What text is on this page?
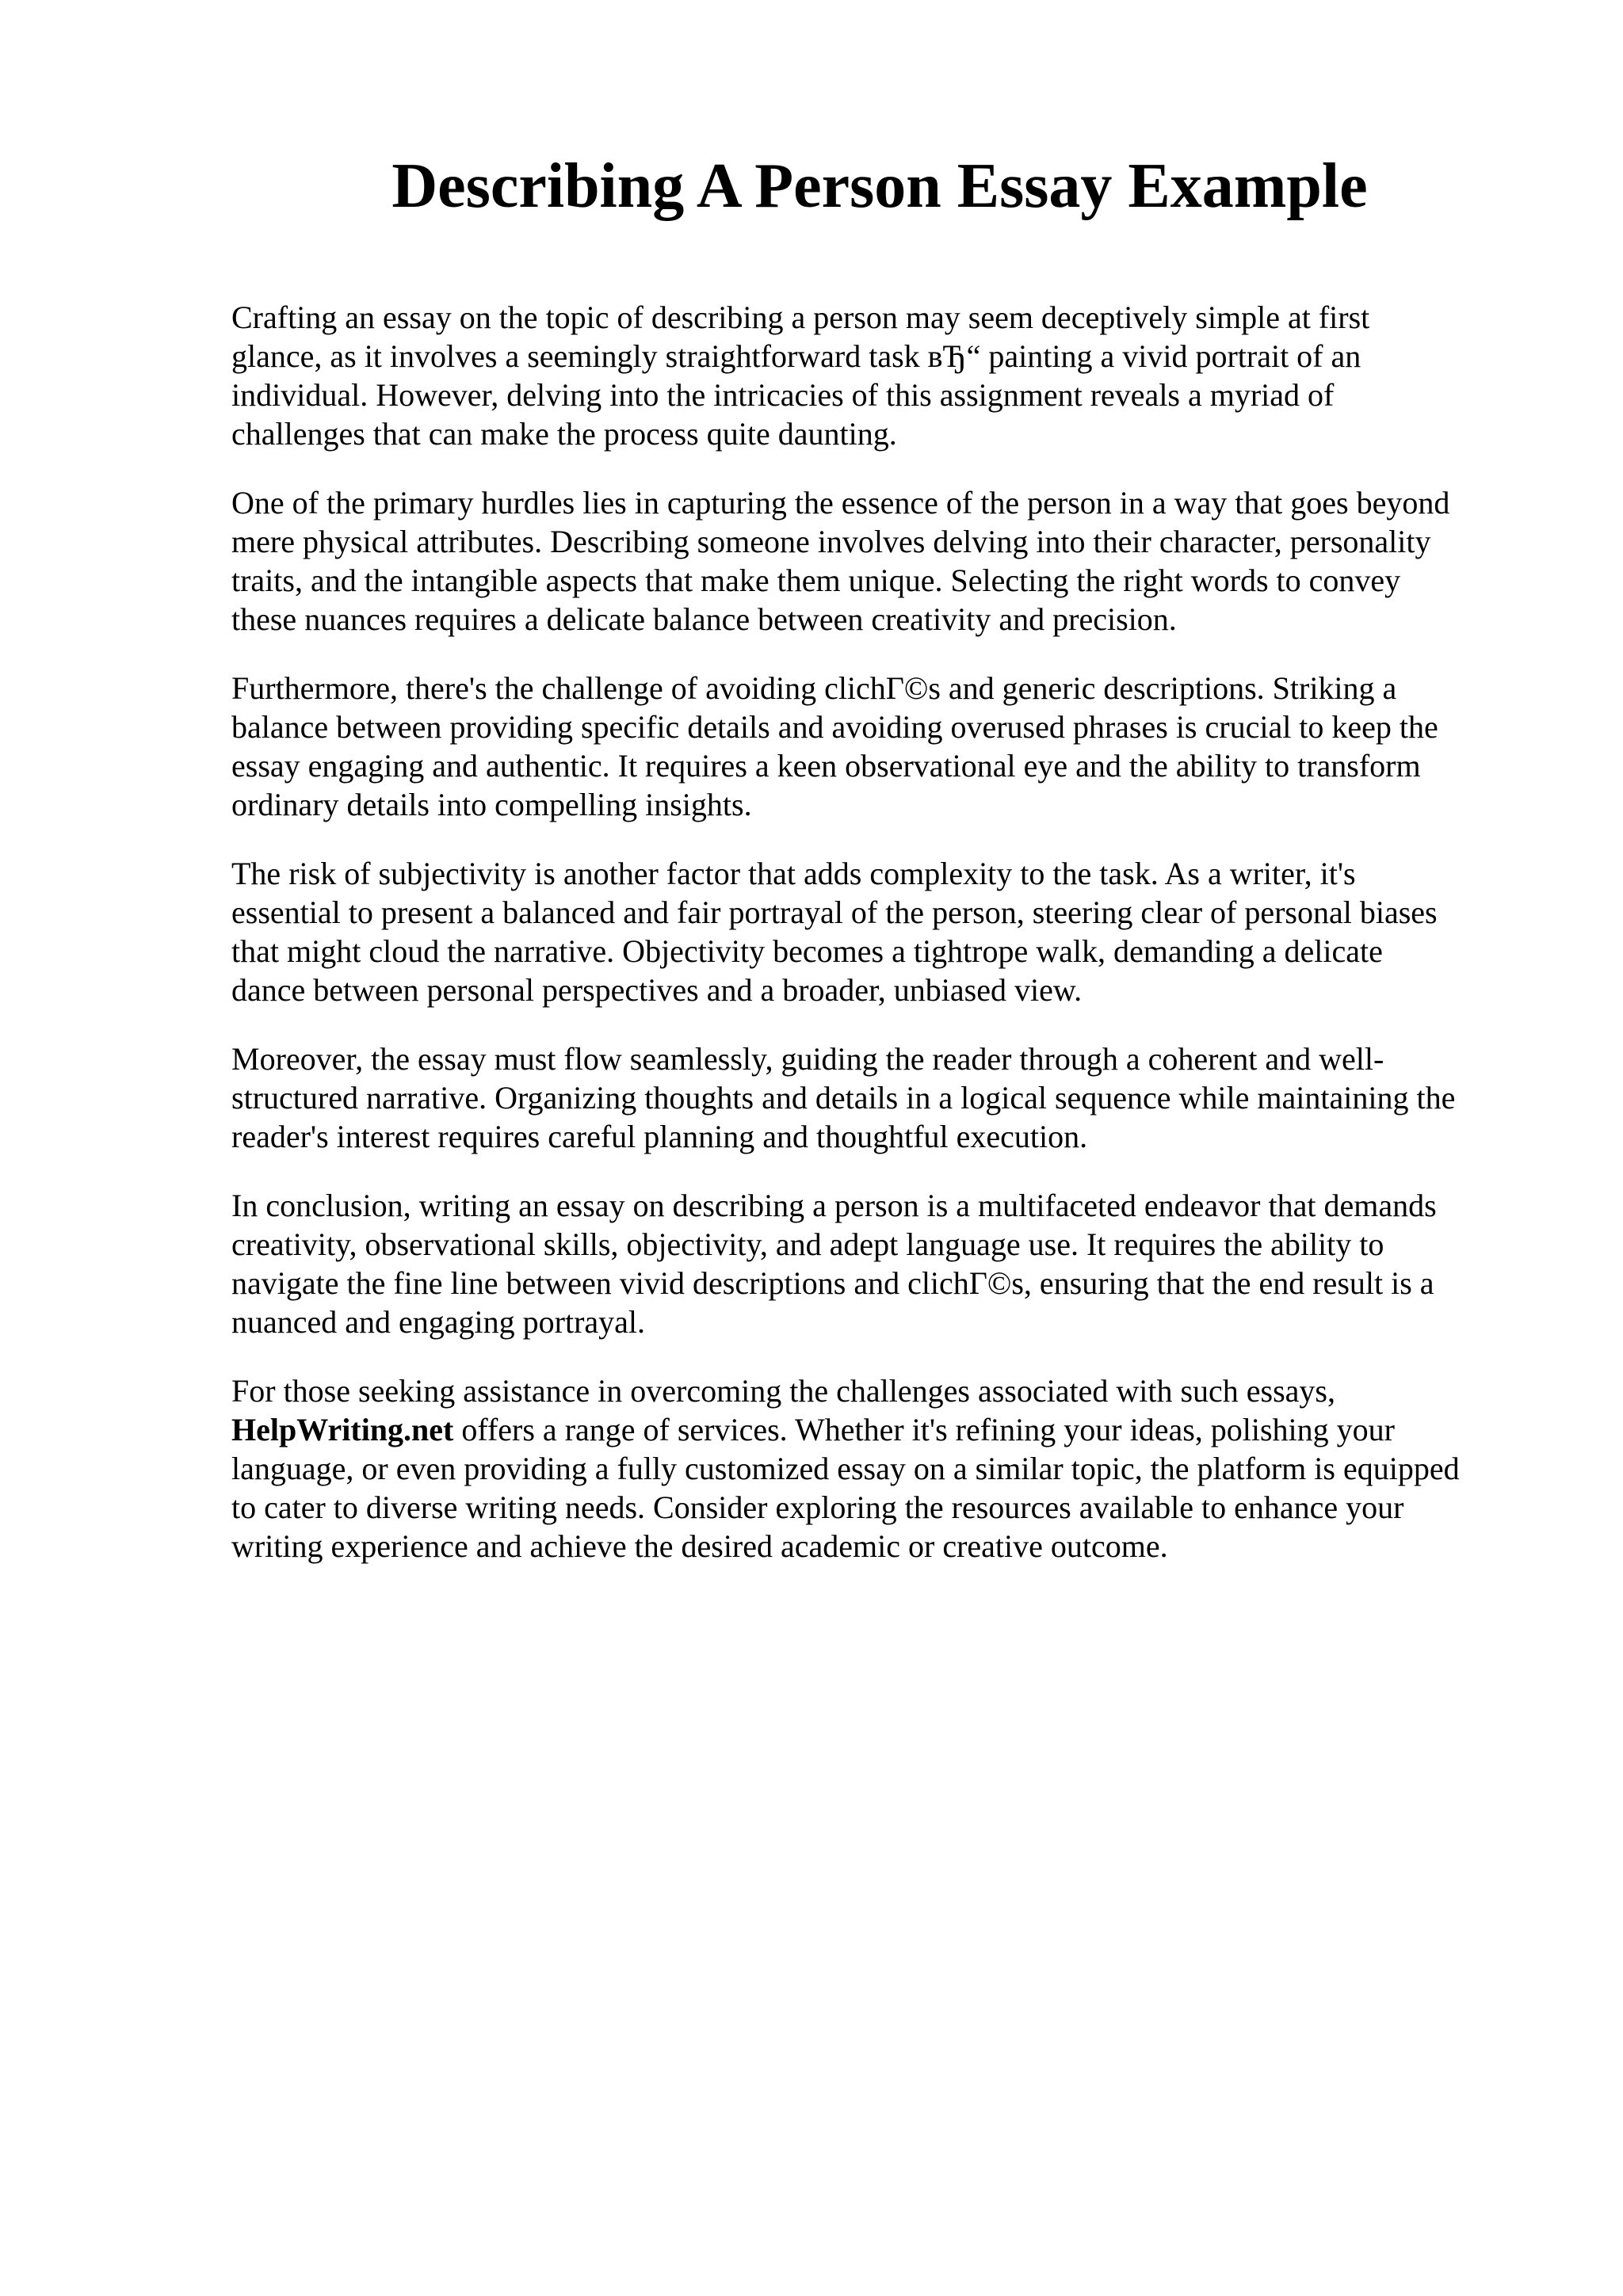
Describing A Person Essay Example

Crafting an essay on the topic of describing a person may seem deceptively simple at first
glance, as it involves a seemingly straightforward task вЂ“ painting a vivid portrait of an
individual. However, delving into the intricacies of this assignment reveals a myriad of
challenges that can make the process quite daunting.

One of the primary hurdles lies in capturing the essence of the person in a way that goes beyond
mere physical attributes. Describing someone involves delving into their character, personality
traits, and the intangible aspects that make them unique. Selecting the right words to convey
these nuances requires a delicate balance between creativity and precision.

Furthermore, there's the challenge of avoiding clichГ©s and generic descriptions. Striking a
balance between providing specific details and avoiding overused phrases is crucial to keep the
essay engaging and authentic. It requires a keen observational eye and the ability to transform
ordinary details into compelling insights.

The risk of subjectivity is another factor that adds complexity to the task. As a writer, it's
essential to present a balanced and fair portrayal of the person, steering clear of personal biases
that might cloud the narrative. Objectivity becomes a tightrope walk, demanding a delicate
dance between personal perspectives and a broader, unbiased view.

Moreover, the essay must flow seamlessly, guiding the reader through a coherent and well-
structured narrative. Organizing thoughts and details in a logical sequence while maintaining the
reader's interest requires careful planning and thoughtful execution.

In conclusion, writing an essay on describing a person is a multifaceted endeavor that demands
creativity, observational skills, objectivity, and adept language use. It requires the ability to
navigate the fine line between vivid descriptions and clichГ©s, ensuring that the end result is a
nuanced and engaging portrayal.

For those seeking assistance in overcoming the challenges associated with such essays,
HelpWriting.net offers a range of services. Whether it's refining your ideas, polishing your
language, or even providing a fully customized essay on a similar topic, the platform is equipped
to cater to diverse writing needs. Consider exploring the resources available to enhance your
writing experience and achieve the desired academic or creative outcome.
